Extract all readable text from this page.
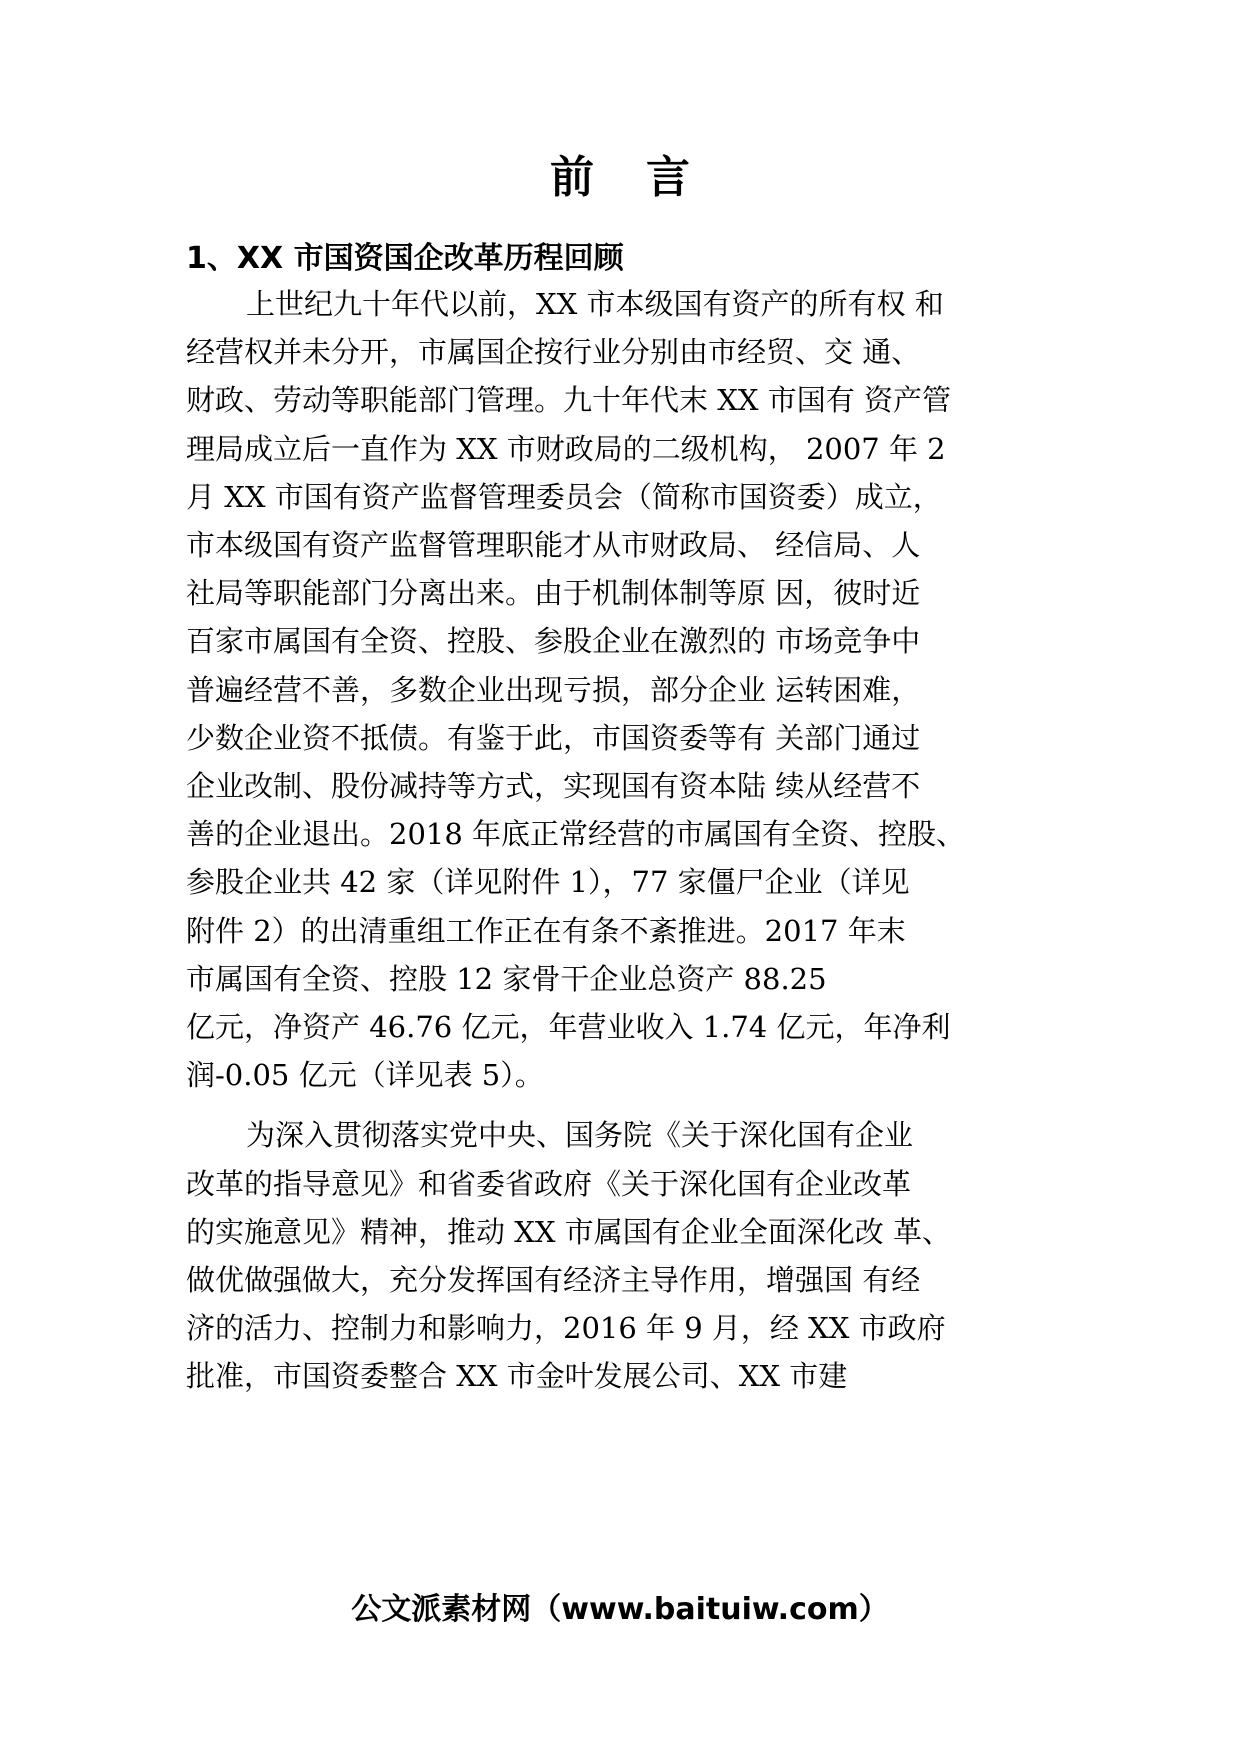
前言
1、XX 市国资国企改革历程回顾
上世纪九十年代以前，XX 市本级国有资产的所有权 和
经营权并未分开，市属国企按行业分别由市经贸、交 通、
财政、劳动等职能部门管理。九十年代末 XX 市国有 资产管
理局成立后一直作为 XX 市财政局的二级机构， 2007 年 2
月 XX 市国有资产监督管理委员会（简称市国资委）成立，
市本级国有资产监督管理职能才从市财政局、 经信局、人
社局等职能部门分离出来。由于机制体制等原 因，彼时近
百家市属国有全资、控股、参股企业在激烈的 市场竞争中
普遍经营不善，多数企业出现亏损，部分企业 运转困难，
少数企业资不抵债。有鉴于此，市国资委等有 关部门通过
企业改制、股份减持等方式，实现国有资本陆 续从经营不
善的企业退出。2018 年底正常经营的市属国有全资、控股、
参股企业共 42 家（详见附件 1），77 家僵尸企业（详见
附件 2）的出清重组工作正在有条不紊推进。2017 年末
市属国有全资、控股 12 家骨干企业总资产 88.25
亿元，净资产 46.76 亿元，年营业收入 1.74 亿元，年净利
润-0.05 亿元（详见表 5）。
为深入贯彻落实党中央、国务院《关于深化国有企业
改革的指导意见》和省委省政府《关于深化国有企业改革
的实施意见》精神，推动 XX 市属国有企业全面深化改 革、
做优做强做大，充分发挥国有经济主导作用，增强国 有经
济的活力、控制力和影响力，2016 年 9 月，经 XX 市政府
批准，市国资委整合 XX 市金叶发展公司、XX 市建
公文派素材网（www.baituiw.com）
